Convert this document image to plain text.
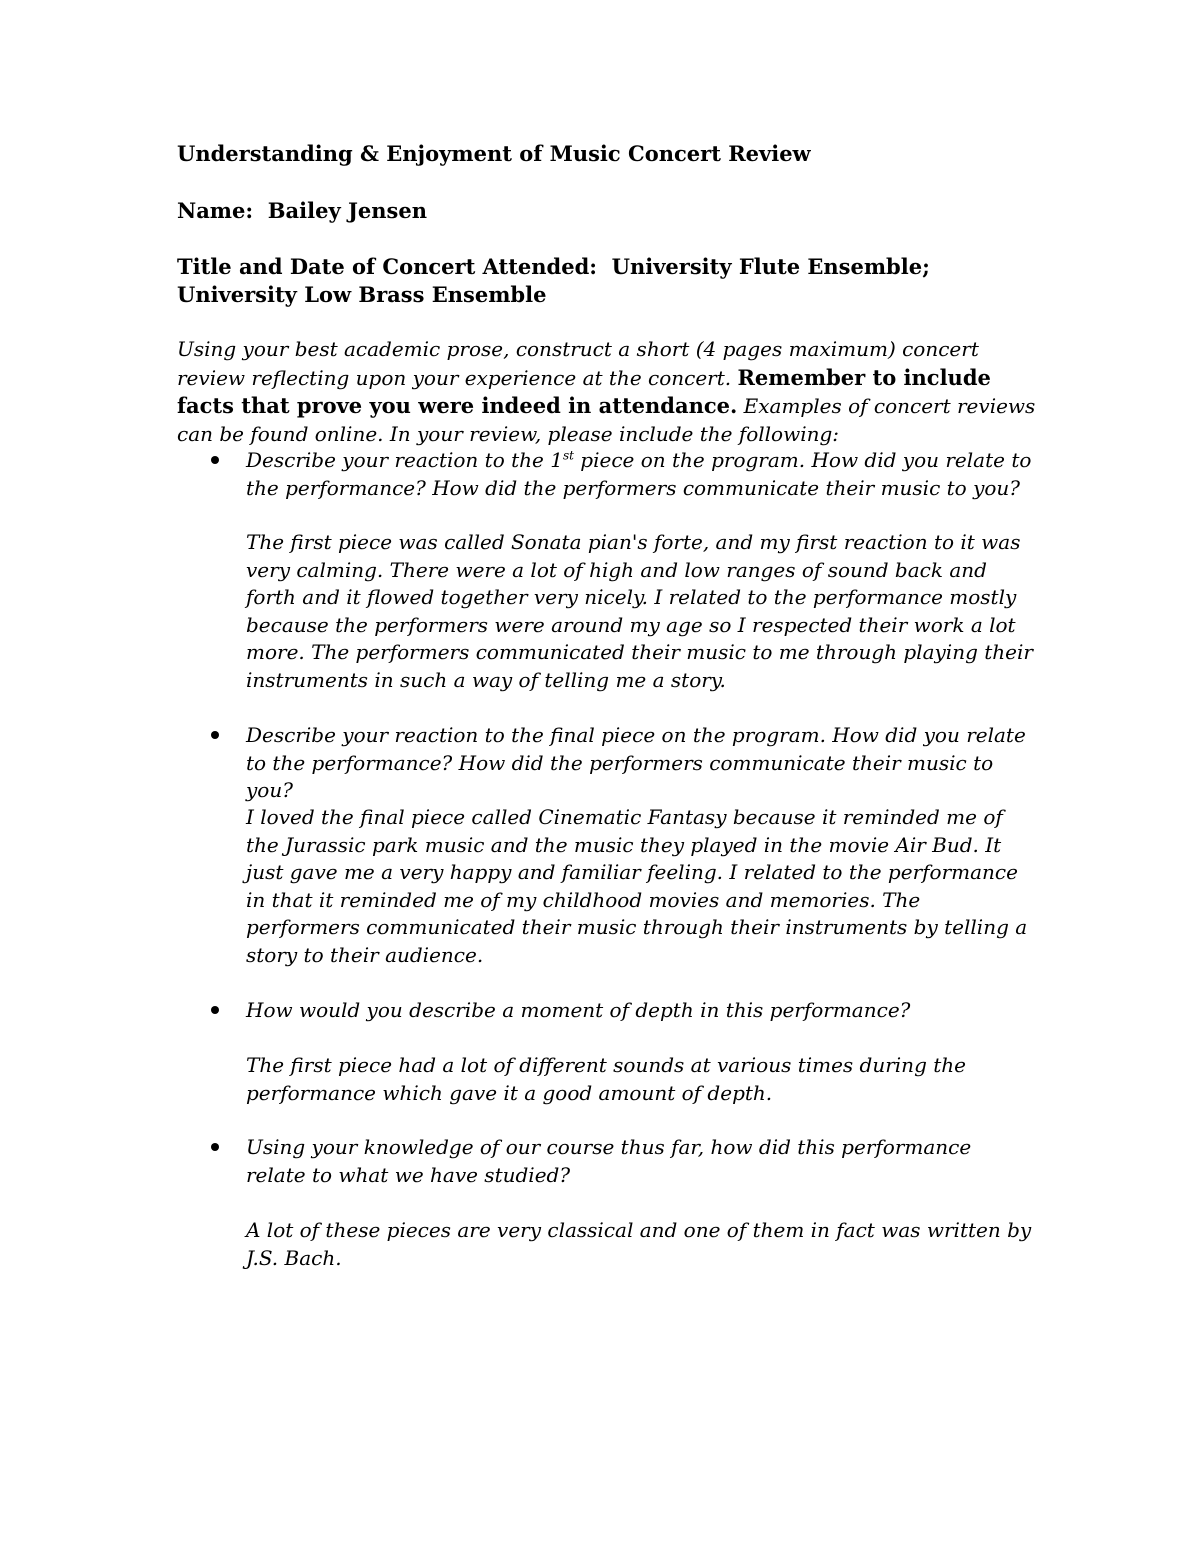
Understanding & Enjoyment of Music Concert Review
Name: Bailey Jensen
Title and Date of Concert Attended: University Flute Ensemble; University Low Brass Ensemble
Using your best academic prose, construct a short (4 pages maximum) concert review reflecting upon your experience at the concert. Remember to include facts that prove you were indeed in attendance. Examples of concert reviews can be found online. In your review, please include the following:
Describe your reaction to the 1st piece on the program. How did you relate to the performance? How did the performers communicate their music to you?
The first piece was called Sonata pian's forte, and my first reaction to it was very calming. There were a lot of high and low ranges of sound back and forth and it flowed together very nicely. I related to the performance mostly because the performers were around my age so I respected their work a lot more. The performers communicated their music to me through playing their instruments in such a way of telling me a story.
Describe your reaction to the final piece on the program. How did you relate to the performance? How did the performers communicate their music to you?
I loved the final piece called Cinematic Fantasy because it reminded me of the Jurassic park music and the music they played in the movie Air Bud. It just gave me a very happy and familiar feeling. I related to the performance in that it reminded me of my childhood movies and memories. The performers communicated their music through their instruments by telling a story to their audience.
How would you describe a moment of depth in this performance?
The first piece had a lot of different sounds at various times during the performance which gave it a good amount of depth.
Using your knowledge of our course thus far, how did this performance relate to what we have studied?
A lot of these pieces are very classical and one of them in fact was written by J.S. Bach.
